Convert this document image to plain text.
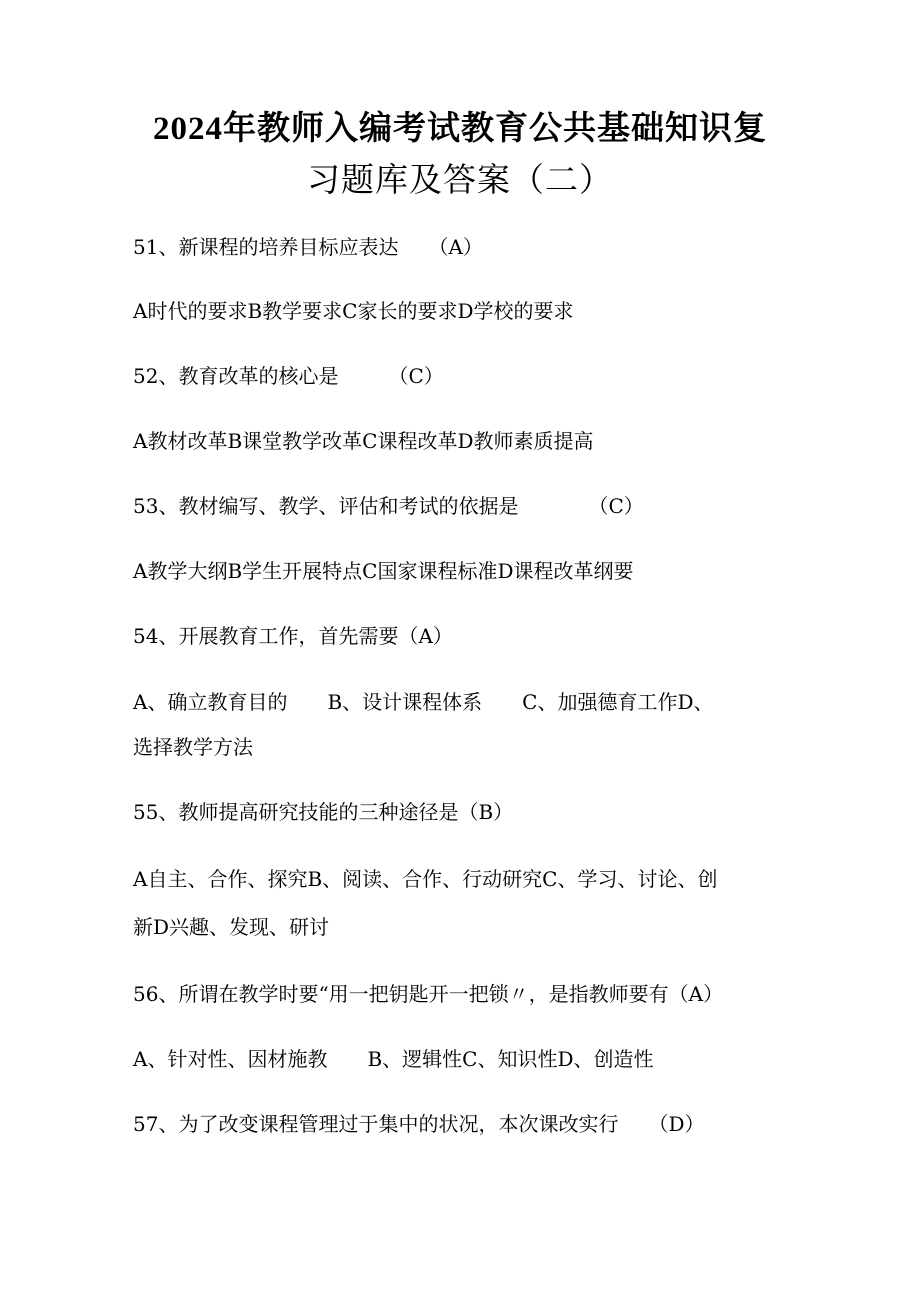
2024年教师入编考试教育公共基础知识复
习题库及答案（二）
51、新课程的培养目标应表达　　（A）
A时代的要求B教学要求C家长的要求D学校的要求
52、教育改革的核心是　　　（C）
A教材改革B课堂教学改革C课程改革D教师素质提高
53、教材编写、教学、评估和考试的依据是　　　　（C）
A教学大纲B学生开展特点C国家课程标准D课程改革纲要
54、开展教育工作，首先需要（A）
A、确立教育目的　　B、设计课程体系　　C、加强德育工作D、
选择教学方法
55、教师提高研究技能的三种途径是（B）
A自主、合作、探究B、阅读、合作、行动研究C、学习、讨论、创
新D兴趣、发现、研讨
56、所谓在教学时要“用一把钥匙开一把锁〃，是指教师要有（A）
A、针对性、因材施教　　B、逻辑性C、知识性D、创造性
57、为了改变课程管理过于集中的状况，本次课改实行　　（D）
